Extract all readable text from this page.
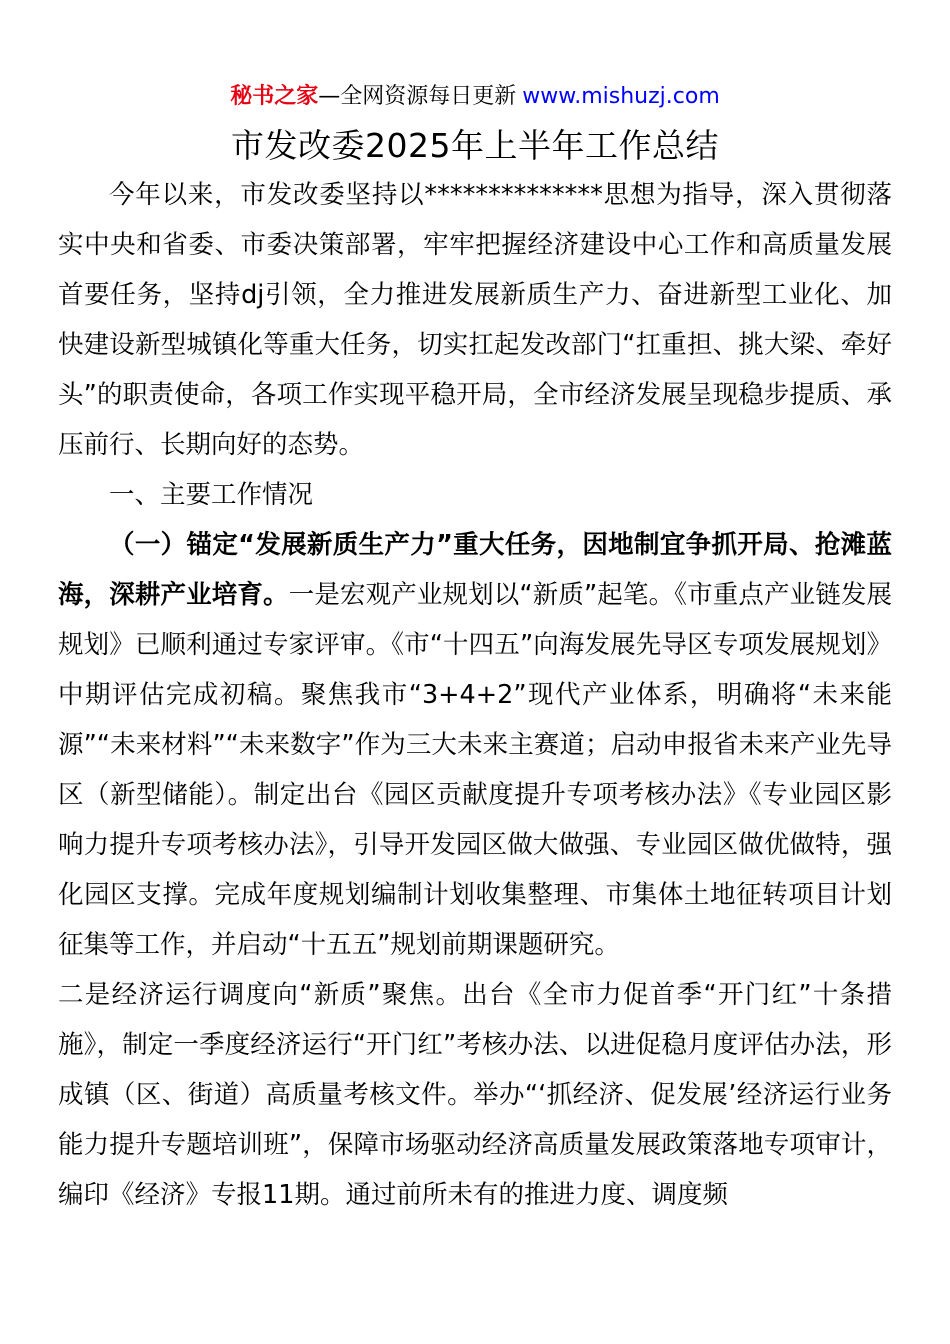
秘书之家—全网资源每日更新 www.mishuzj.com
市发改委2025年上半年工作总结

今年以来，市发改委坚持以**************思想为指导，深入贯彻落实中央和省委、市委决策部署，牢牢把握经济建设中心工作和高质量发展首要任务，坚持dj引领，全力推进发展新质生产力、奋进新型工业化、加快建设新型城镇化等重大任务，切实扛起发改部门“扛重担、挑大梁、牵好头”的职责使命，各项工作实现平稳开局，全市经济发展呈现稳步提质、承压前行、长期向好的态势。

一、主要工作情况

（一）锚定“发展新质生产力”重大任务，因地制宜争抓开局、抢滩蓝海，深耕产业培育。一是宏观产业规划以“新质”起笔。《市重点产业链发展规划》已顺利通过专家评审。《市“十四五”向海发展先导区专项发展规划》中期评估完成初稿。聚焦我市“3+4+2”现代产业体系，明确将“未来能源”“未来材料”“未来数字”作为三大未来主赛道；启动申报省未来产业先导区（新型储能）。制定出台《园区贡献度提升专项考核办法》《专业园区影响力提升专项考核办法》，引导开发园区做大做强、专业园区做优做特，强化园区支撑。完成年度规划编制计划收集整理、市集体土地征转项目计划征集等工作，并启动“十五五”规划前期课题研究。

二是经济运行调度向“新质”聚焦。出台《全市力促首季“开门红”十条措施》，制定一季度经济运行“开门红”考核办法、以进促稳月度评估办法，形成镇（区、街道）高质量考核文件。举办“‘抓经济、促发展’经济运行业务能力提升专题培训班”，保障市场驱动经济高质量发展政策落地专项审计，编印《经济》专报11期。通过前所未有的推进力度、调度频
